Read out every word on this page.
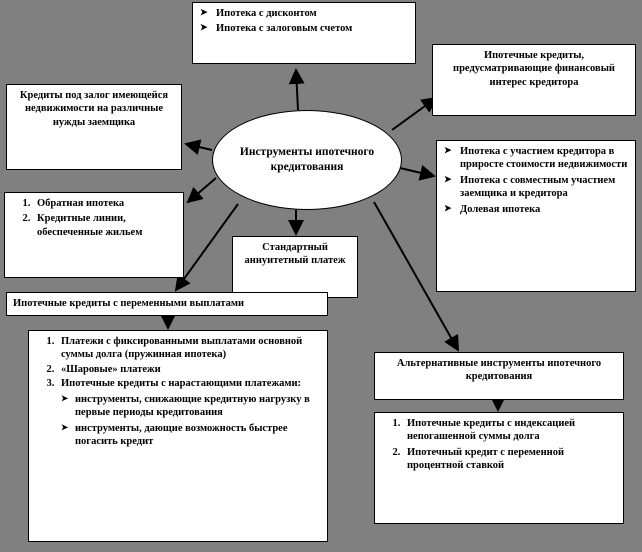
➤ Ипотека с дисконтом
➤ Ипотека с залоговым счетом
Ипотечные кредиты, предусматривающие финансовый интерес кредитора
Кредиты под залог имеющейся недвижимости на различные нужды заемщика
1. Обратная ипотека
2. Кредитные линии, обеспеченные жильем
➤ Ипотека с участием кредитора в приросте стоимости недвижимости
➤ Ипотека с совместным участием заемщика и кредитора
➤ Долевая ипотека
Стандартный аннуитетный платеж
Ипотечные кредиты с переменными выплатами
1. Платежи с фиксированными выплатами основной суммы долга (пружинная ипотека)
2. «Шаровые» платежи
3. Ипотечные кредиты с нарастающими платежами:
➤ инструменты, снижающие кредитную нагрузку в первые периоды кредитования
➤ инструменты, дающие возможность быстрее погасить кредит
Альтернативные инструменты ипотечного кредитования
1. Ипотечные кредиты с индексацией непогашенной суммы долга
2. Ипотечный кредит с переменной процентной ставкой
Инструменты ипотечного кредитования
